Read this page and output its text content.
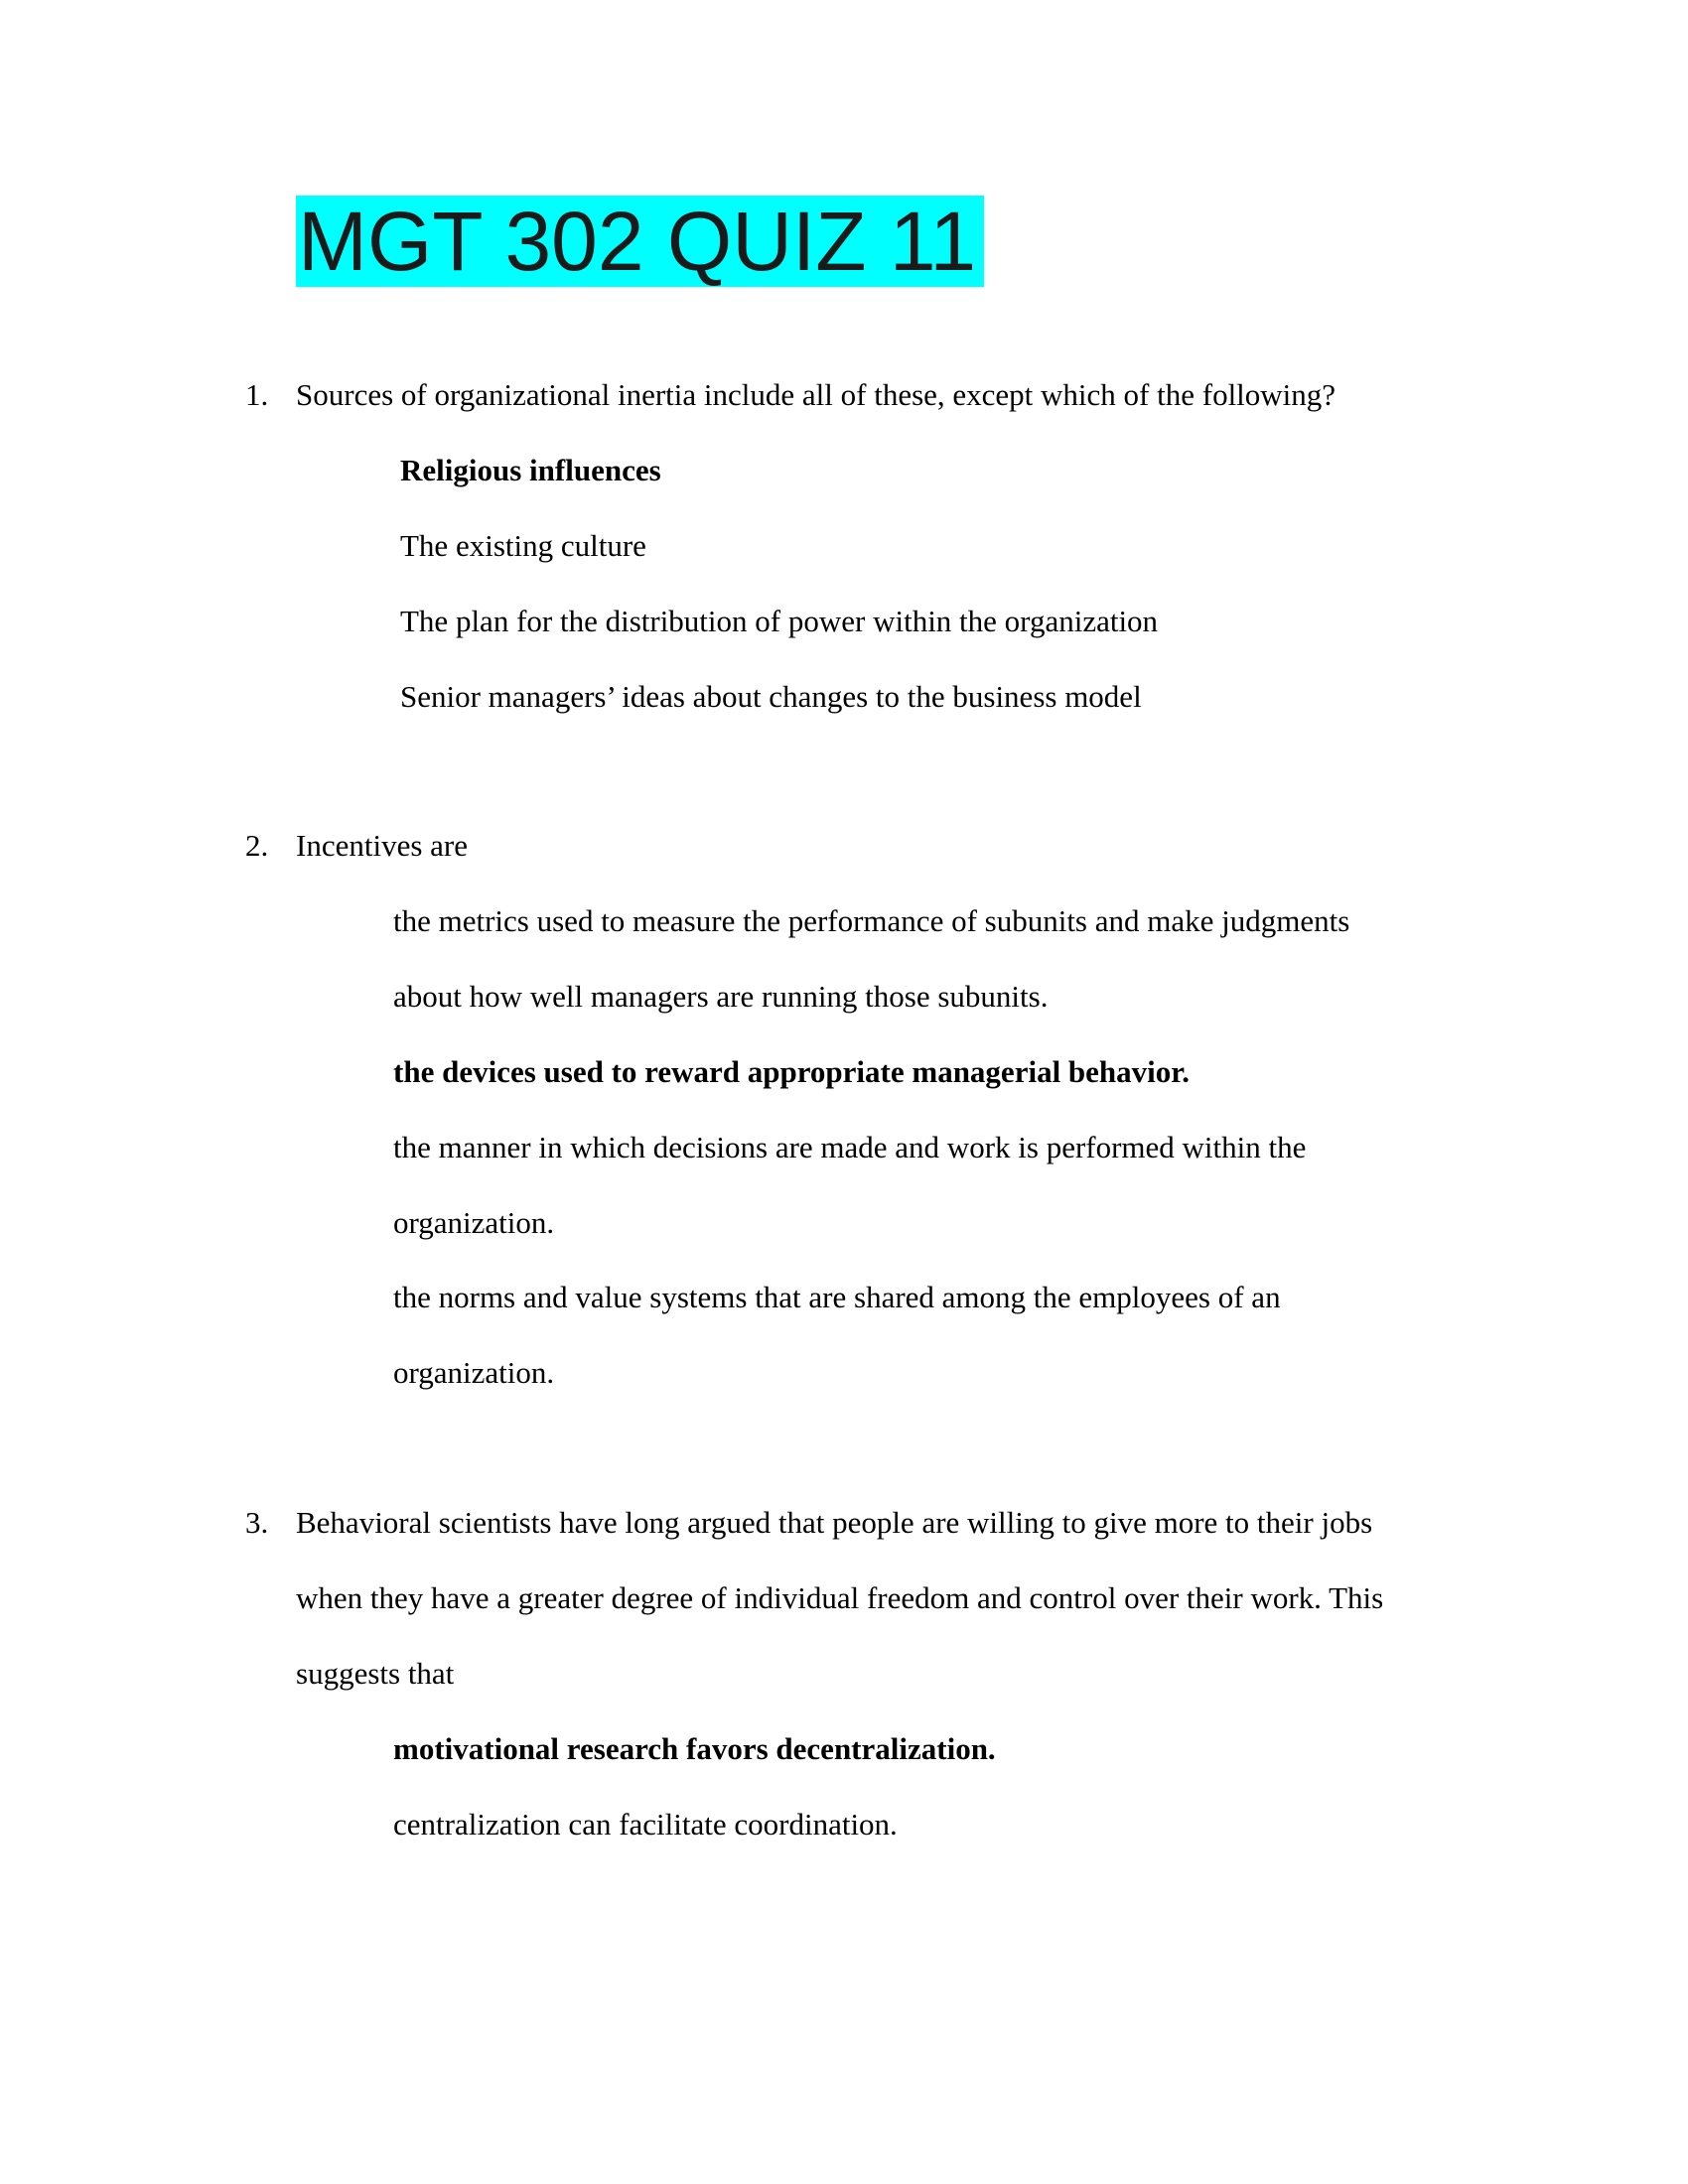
MGT 302 QUIZ 11
1. Sources of organizational inertia include all of these, except which of the following?
Religious influences
The existing culture
The plan for the distribution of power within the organization
Senior managers’ ideas about changes to the business model
2. Incentives are
the metrics used to measure the performance of subunits and make judgments
about how well managers are running those subunits.
the devices used to reward appropriate managerial behavior.
the manner in which decisions are made and work is performed within the
organization.
the norms and value systems that are shared among the employees of an
organization.
3. Behavioral scientists have long argued that people are willing to give more to their jobs
when they have a greater degree of individual freedom and control over their work. This
suggests that
motivational research favors decentralization.
centralization can facilitate coordination.
